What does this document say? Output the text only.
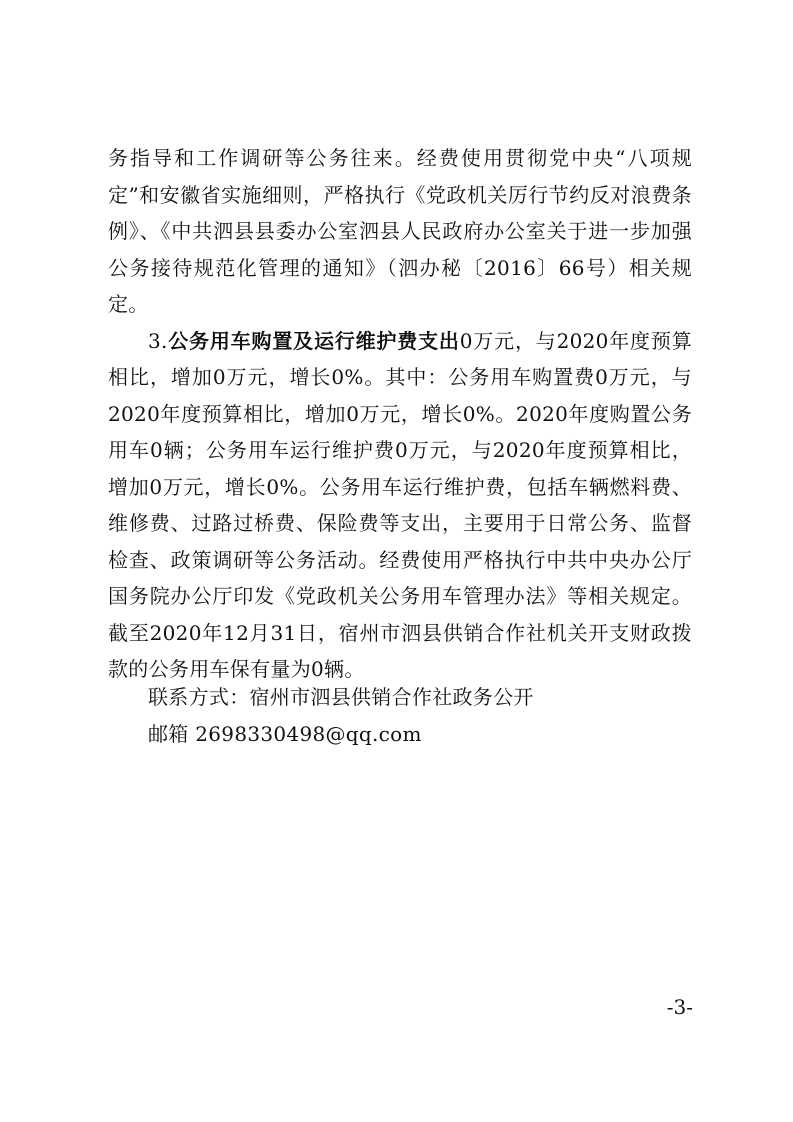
务指导和工作调研等公务往来。经费使用贯彻党中央“八项规定”和安徽省实施细则，严格执行《党政机关厉行节约反对浪费条例》、《中共泗县县委办公室泗县人民政府办公室关于进一步加强公务接待规范化管理的通知》（泗办秘〔2016〕66号）相关规定。

3.公务用车购置及运行维护费支出0万元，与2020年度预算相比，增加0万元，增长0%。其中：公务用车购置费0万元，与2020年度预算相比，增加0万元，增长0%。2020年度购置公务用车0辆；公务用车运行维护费0万元，与2020年度预算相比，增加0万元，增长0%。公务用车运行维护费，包括车辆燃料费、维修费、过路过桥费、保险费等支出，主要用于日常公务、监督检查、政策调研等公务活动。经费使用严格执行中共中央办公厅 国务院办公厅印发《党政机关公务用车管理办法》等相关规定。截至2020年12月31日，宿州市泗县供销合作社机关开支财政拨款的公务用车保有量为0辆。

联系方式：宿州市泗县供销合作社政务公开
邮箱 2698330498@qq.com
-3-
